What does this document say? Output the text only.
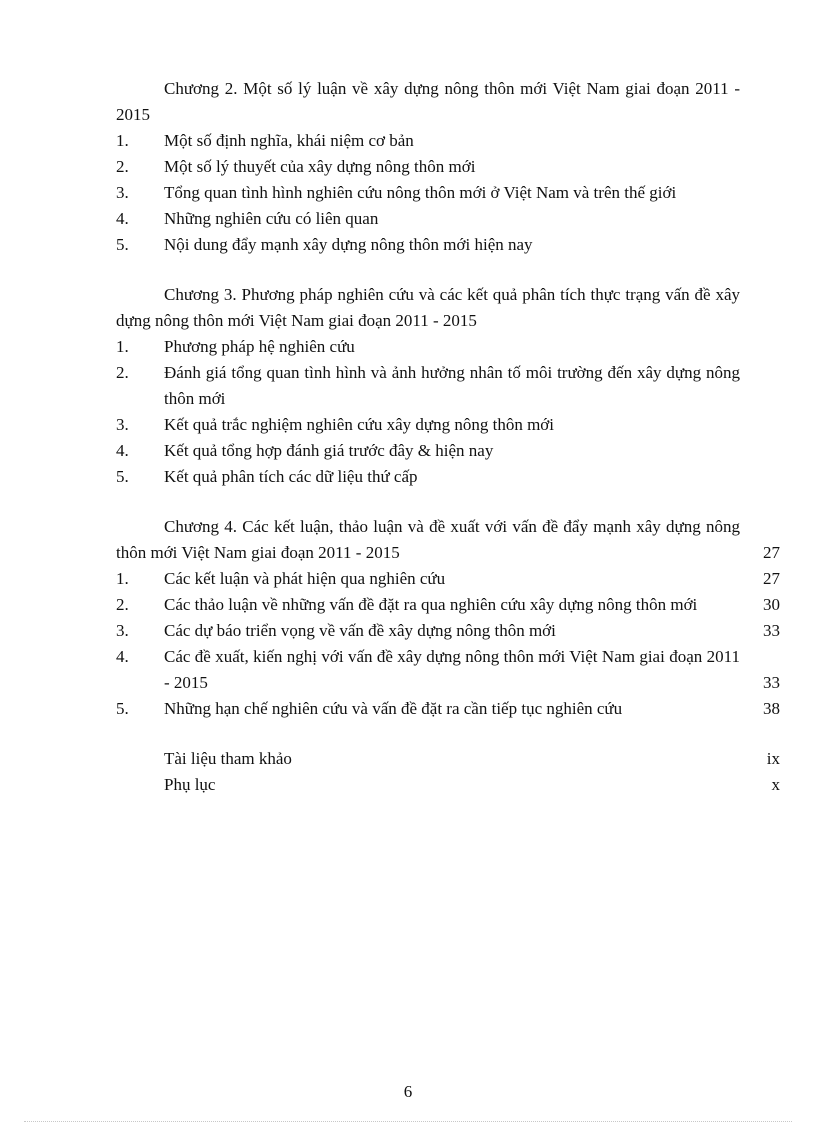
Chương 2. Một số lý luận về xây dựng nông thôn mới Việt Nam giai đoạn 2011 - 2015
1. Một số định nghĩa, khái niệm cơ bản
2. Một số lý thuyết của xây dựng nông thôn mới
3. Tổng quan tình hình nghiên cứu nông thôn mới ở Việt Nam và trên thế giới
4. Những nghiên cứu có liên quan
5. Nội dung đẩy mạnh xây dựng nông thôn mới hiện nay
Chương 3. Phương pháp nghiên cứu và các kết quả phân tích thực trạng vấn đề xây dựng nông thôn mới Việt Nam giai đoạn 2011 - 2015
1. Phương pháp hệ nghiên cứu
2. Đánh giá tổng quan tình hình và ảnh hưởng nhân tố môi trường đến xây dựng nông thôn mới
3. Kết quả trắc nghiệm nghiên cứu xây dựng nông thôn mới
4. Kết quả tổng hợp đánh giá trước đây & hiện nay
5. Kết quả phân tích các dữ liệu thứ cấp
Chương 4. Các kết luận, thảo luận và đề xuất với vấn đề đẩy mạnh xây dựng nông thôn mới Việt Nam giai đoạn 2011 - 2015	27
1. Các kết luận và phát hiện qua nghiên cứu	27
2. Các thảo luận về những vấn đề đặt ra qua nghiên cứu xây dựng nông thôn mới	30
3. Các dự báo triển vọng về vấn đề xây dựng nông thôn mới	33
4. Các đề xuất, kiến nghị với vấn đề xây dựng nông thôn mới Việt Nam giai đoạn 2011 - 2015	33
5. Những hạn chế nghiên cứu và vấn đề đặt ra cần tiếp tục nghiên cứu	38
Tài liệu tham khảo	ix
Phụ lục	x
6
